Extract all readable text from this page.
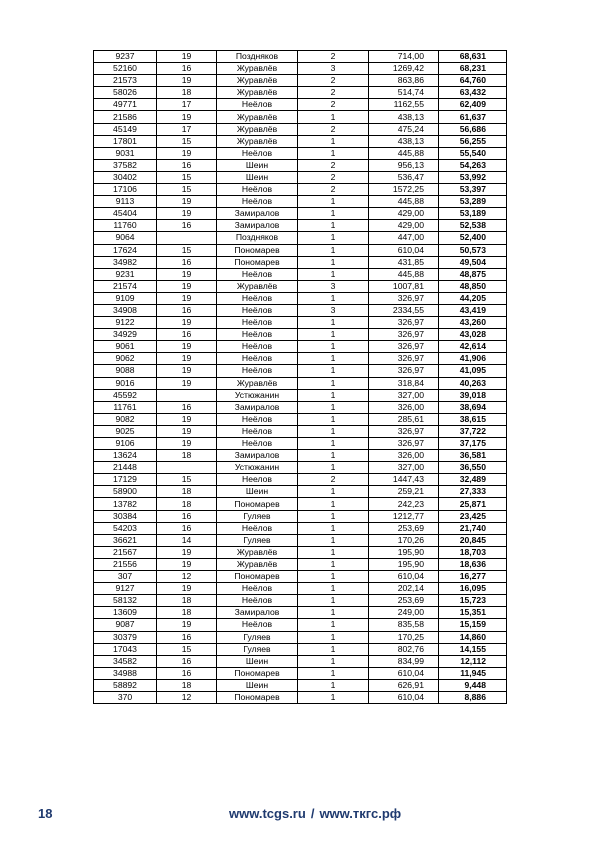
9237	19	Поздняков	2	714,00	68,631
52160	16	Журавлёв	3	1269,42	68,231
21573	19	Журавлёв	2	863,86	64,760
58026	18	Журавлёв	2	514,74	63,432
49771	17	Неёлов	2	1162,55	62,409
21586	19	Журавлёв	1	438,13	61,637
45149	17	Журавлёв	2	475,24	56,686
17801	15	Журавлёв	1	438,13	56,255
9031	19	Неёлов	1	445,88	55,540
37582	16	Шеин	2	956,13	54,263
30402	15	Шеин	2	536,47	53,992
17106	15	Неёлов	2	1572,25	53,397
9113	19	Неёлов	1	445,88	53,289
45404	19	Замиралов	1	429,00	53,189
11760	16	Замиралов	1	429,00	52,538
9064		Поздняков	1	447,00	52,400
17624	15	Пономарев	1	610,04	50,573
34982	16	Пономарев	1	431,85	49,504
9231	19	Неёлов	1	445,88	48,875
21574	19	Журавлёв	3	1007,81	48,850
9109	19	Неёлов	1	326,97	44,205
34908	16	Неёлов	3	2334,55	43,419
9122	19	Неёлов	1	326,97	43,260
34929	16	Неёлов	1	326,97	43,028
9061	19	Неёлов	1	326,97	42,614
9062	19	Неёлов	1	326,97	41,906
9088	19	Неёлов	1	326,97	41,095
9016	19	Журавлёв	1	318,84	40,263
45592		Устюжанин	1	327,00	39,018
11761	16	Замиралов	1	326,00	38,694
9082	19	Неёлов	1	285,61	38,615
9025	19	Неёлов	1	326,97	37,722
9106	19	Неёлов	1	326,97	37,175
13624	18	Замиралов	1	326,00	36,581
21448		Устюжанин	1	327,00	36,550
17129	15	Неелов	2	1447,43	32,489
58900	18	Шеин	1	259,21	27,333
13782	18	Пономарев	1	242,23	25,871
30384	16	Гуляев	1	1212,77	23,425
54203	16	Неёлов	1	253,69	21,740
36621	14	Гуляев	1	170,26	20,845
21567	19	Журавлёв	1	195,90	18,703
21556	19	Журавлёв	1	195,90	18,636
307	12	Пономарев	1	610,04	16,277
9127	19	Неёлов	1	202,14	16,095
58132	18	Неёлов	1	253,69	15,723
13609	18	Замиралов	1	249,00	15,351
9087	19	Неёлов	1	835,58	15,159
30379	16	Гуляев	1	170,25	14,860
17043	15	Гуляев	1	802,76	14,155
34582	16	Шеин	1	834,99	12,112
34988	16	Пономарев	1	610,04	11,945
58892	18	Шеин	1	626,91	9,448
370	12	Пономарев	1	610,04	8,886
18	www.tcgs.ru / www.ткгс.рф
